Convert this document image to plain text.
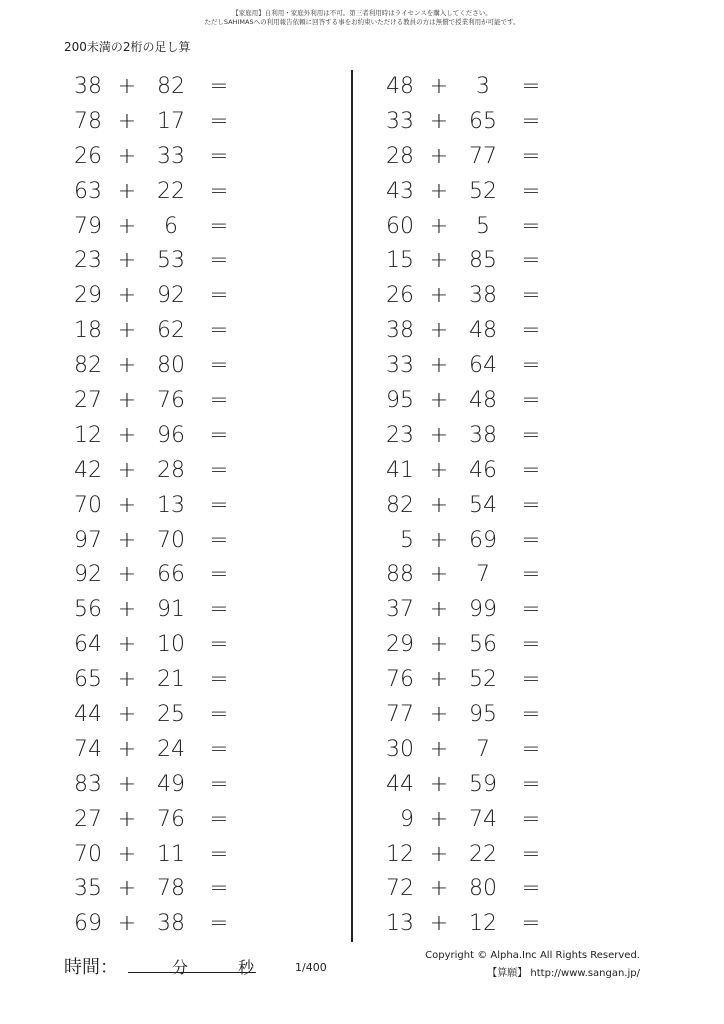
【家庭用】自利用・家庭外利用は不可。第三者利用時はライセンスを購入してください。
ただしSAHIMASへの利用報告依頼に回答する事をお約束いただける教員の方は無償で授業利用が可能です。
200未満の2桁の足し算
38 + 82	=
78 + 17	=
26 + 33	=
63 + 22	=
79 +	6	=
23 + 53	=
29 + 92	=
18 + 62	=
82 + 80	=
27 + 76	=
12 + 96	=
42 + 28	=
70 + 13	=
97 + 70	=
92 + 66	=
56 + 91	=
64 + 10	=
65 + 21	=
44 + 25	=
74 + 24	=
83 + 49	=
27 + 76	=
70 + 11	=
35 + 78	=
69 + 38	=
48 +	3	=
33 + 65	=
28 + 77	=
43 + 52	=
60 +	5	=
15 + 85	=
26 + 38	=
38 + 48	=
33 + 64	=
95 + 48	=
23 + 38	=
41 + 46	=
82 + 54	=
5 + 69	=
88 +	7	=
37 + 99	=
29 + 56	=
76 + 52	=
77 + 95	=
30 +	7	=
44 + 59	=
9 + 74	=
12 + 22	=
72 + 80	=
13 + 12	=
時間：	分	秒	1/400
Copyright © Alpha.Inc All Rights Reserved.
【算願】 http://www.sangan.jp/
